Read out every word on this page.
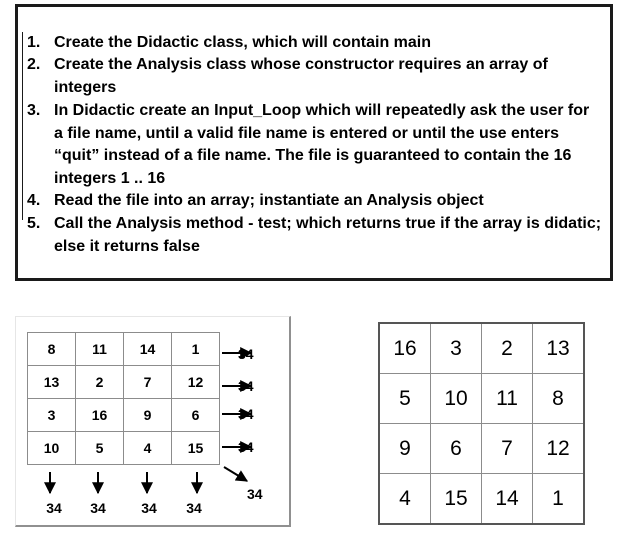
1. Create the Didactic class, which will contain main
2. Create the Analysis class whose constructor requires an array of
integers
3. In Didactic create an Input_Loop which will repeatedly ask the user for
a file name, until a valid file name is entered or until the use enters
“quit” instead of a file name. The file is guaranteed to contain the 16
integers 1 .. 16
4. Read the file into an array; instantiate an Analysis object
5. Call the Analysis method - test; which returns true if the array is didatic;
else it returns false
8	11	14	1
13	2	7	12
3	16	9	6
10	5	4	15
34
34
34
34
34	34	34	34
34
16	3	2	13
5	10	11	8
9	6	7	12
4	15	14	1
